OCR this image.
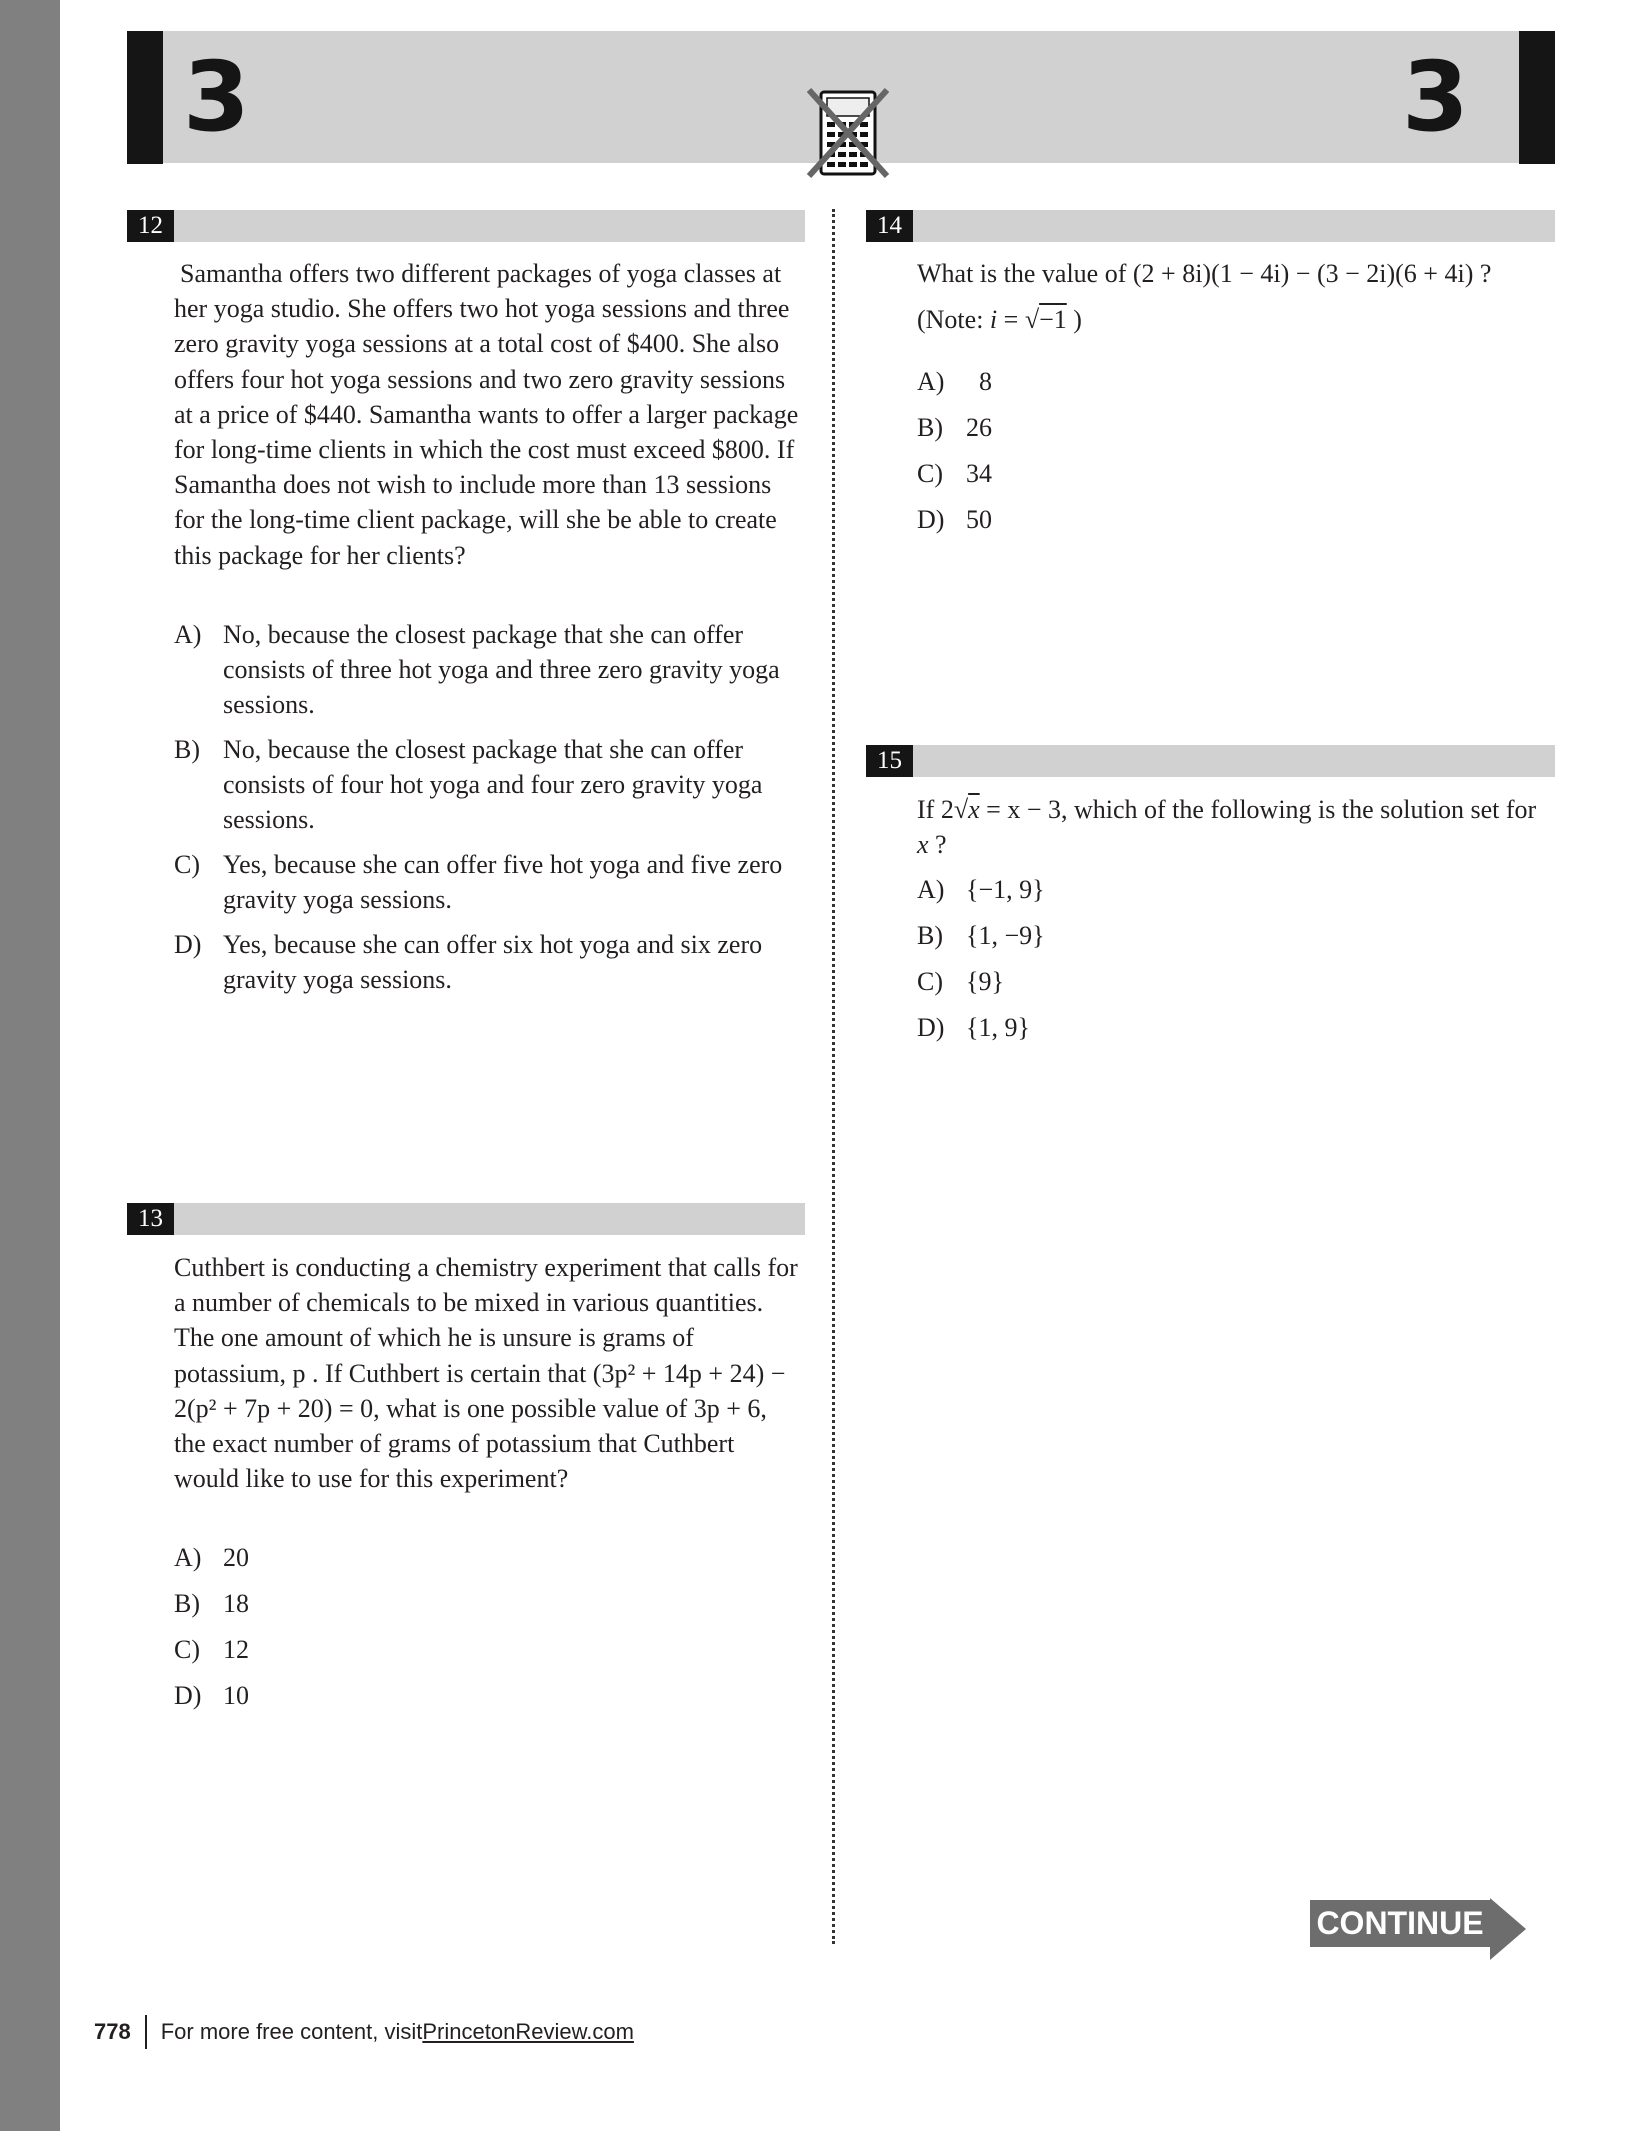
3	3
12
Samantha offers two different packages of yoga classes at her yoga studio. She offers two hot yoga sessions and three zero gravity yoga sessions at a total cost of $400. She also offers four hot yoga sessions and two zero gravity sessions at a price of $440. Samantha wants to offer a larger package for long-time clients in which the cost must exceed $800. If Samantha does not wish to include more than 13 sessions for the long-time client package, will she be able to create this package for her clients?
A) No, because the closest package that she can offer consists of three hot yoga and three zero gravity yoga sessions.
B) No, because the closest package that she can offer consists of four hot yoga and four zero gravity yoga sessions.
C) Yes, because she can offer five hot yoga and five zero gravity yoga sessions.
D) Yes, because she can offer six hot yoga and six zero gravity yoga sessions.
13
Cuthbert is conducting a chemistry experiment that calls for a number of chemicals to be mixed in various quantities. The one amount of which he is unsure is grams of potassium, p . If Cuthbert is certain that (3p² + 14p + 24) − 2(p² + 7p + 20) = 0, what is one possible value of 3p + 6, the exact number of grams of potassium that Cuthbert would like to use for this experiment?
A) 20
B) 18
C) 12
D) 10
14
What is the value of (2 + 8i)(1 − 4i) − (3 − 2i)(6 + 4i) ?
(Note: i = √−1 )
A) 8
B) 26
C) 34
D) 50
15
If 2√x = x − 3, which of the following is the solution set for x ?
A) {−1, 9}
B) {1, −9}
C) {9}
D) {1, 9}
CONTINUE
778 For more free content, visit PrincetonReview.com
